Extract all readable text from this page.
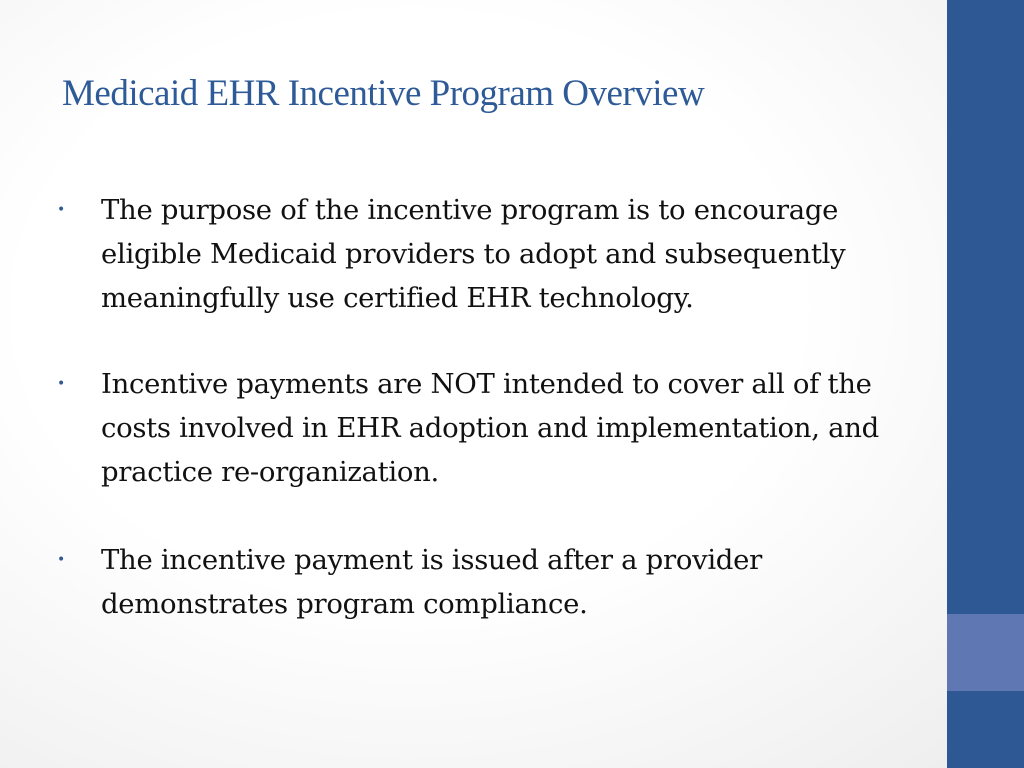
Medicaid EHR Incentive Program Overview
• The purpose of the incentive program is to encourage eligible Medicaid providers to adopt and subsequently meaningfully use certified EHR technology.
• Incentive payments are NOT intended to cover all of the costs involved in EHR adoption and implementation, and practice re-organization.
• The incentive payment is issued after a provider demonstrates program compliance.
